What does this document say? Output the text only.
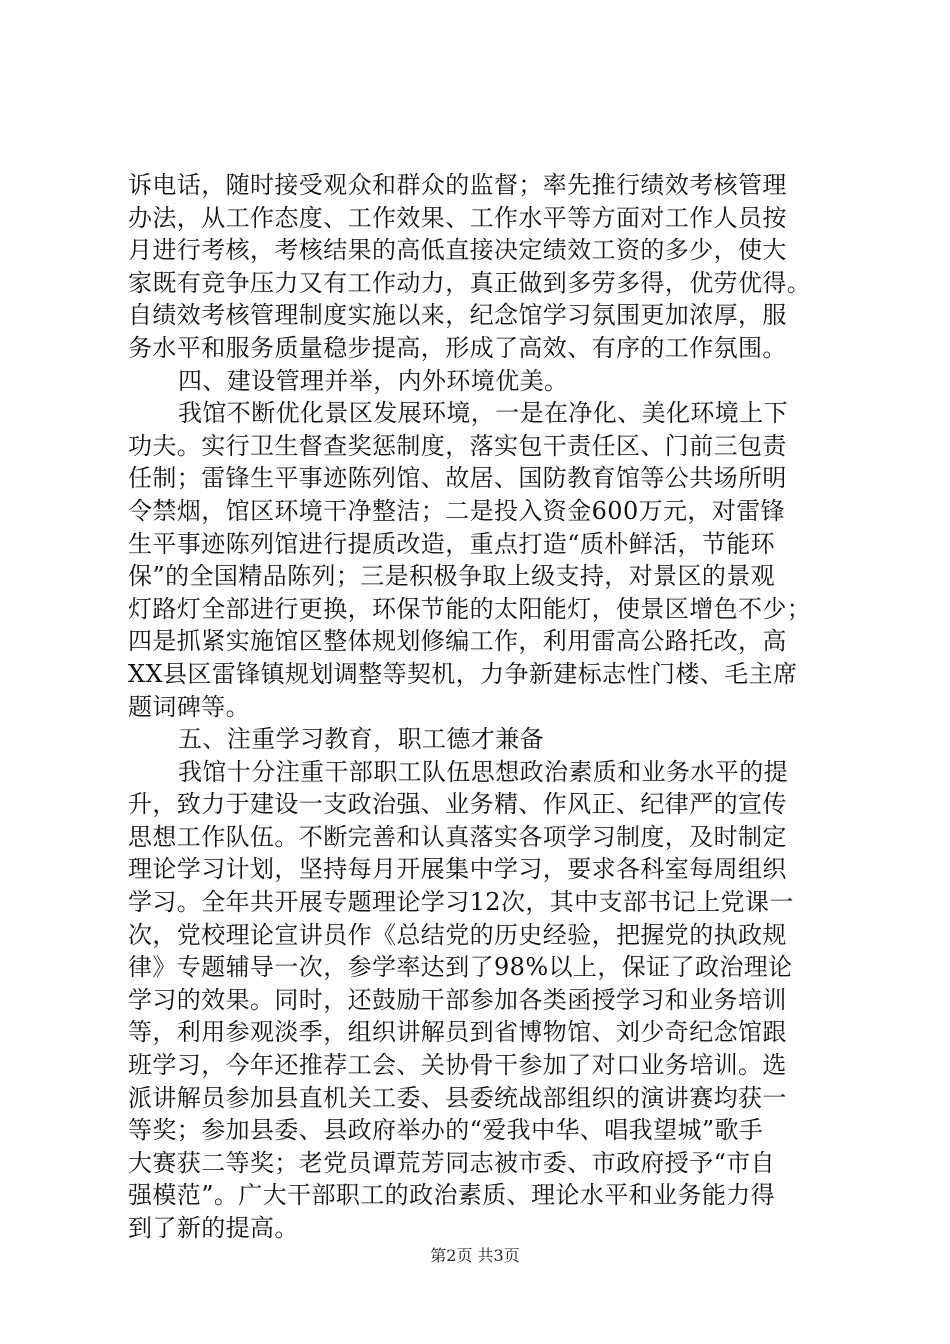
诉电话，随时接受观众和群众的监督；率先推行绩效考核管理
办法，从工作态度、工作效果、工作水平等方面对工作人员按
月进行考核，考核结果的高低直接决定绩效工资的多少，使大
家既有竞争压力又有工作动力，真正做到多劳多得，优劳优得。
自绩效考核管理制度实施以来，纪念馆学习氛围更加浓厚，服
务水平和服务质量稳步提高，形成了高效、有序的工作氛围。
四、建设管理并举，内外环境优美。
我馆不断优化景区发展环境，一是在净化、美化环境上下
功夫。实行卫生督查奖惩制度，落实包干责任区、门前三包责
任制；雷锋生平事迹陈列馆、故居、国防教育馆等公共场所明
令禁烟，馆区环境干净整洁；二是投入资金600万元，对雷锋
生平事迹陈列馆进行提质改造，重点打造“质朴鲜活，节能环
保”的全国精品陈列；三是积极争取上级支持，对景区的景观
灯路灯全部进行更换，环保节能的太阳能灯，使景区增色不少；
四是抓紧实施馆区整体规划修编工作，利用雷高公路托改，高
XX县区雷锋镇规划调整等契机，力争新建标志性门楼、毛主席
题词碑等。
五、注重学习教育，职工德才兼备
我馆十分注重干部职工队伍思想政治素质和业务水平的提
升，致力于建设一支政治强、业务精、作风正、纪律严的宣传
思想工作队伍。不断完善和认真落实各项学习制度，及时制定
理论学习计划，坚持每月开展集中学习，要求各科室每周组织
学习。全年共开展专题理论学习12次，其中支部书记上党课一
次，党校理论宣讲员作《总结党的历史经验，把握党的执政规
律》专题辅导一次，参学率达到了98%以上，保证了政治理论
学习的效果。同时，还鼓励干部参加各类函授学习和业务培训
等，利用参观淡季，组织讲解员到省博物馆、刘少奇纪念馆跟
班学习，今年还推荐工会、关协骨干参加了对口业务培训。选
派讲解员参加县直机关工委、县委统战部组织的演讲赛均获一
等奖；参加县委、县政府举办的“爱我中华、唱我望城”歌手
大赛获二等奖；老党员谭荒芳同志被市委、市政府授予“市自
强模范”。广大干部职工的政治素质、理论水平和业务能力得
到了新的提高。
第2页 共3页
